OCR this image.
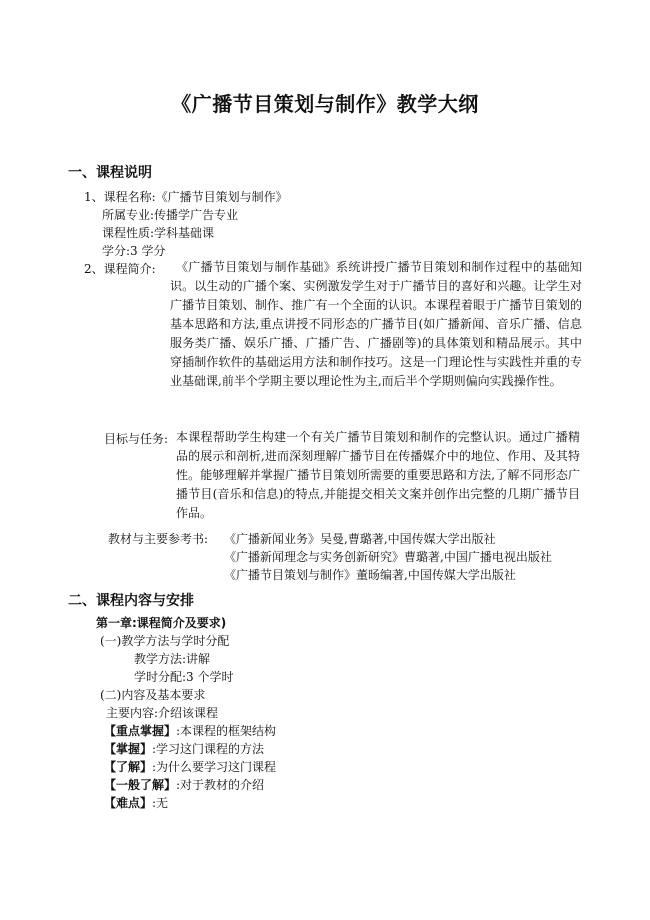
《广播节目策划与制作》教学大纲
一、课程说明
1、课程名称:《广播节目策划与制作》
所属专业:传播学广告专业
课程性质:学科基础课
学分:3 学分
2、课程简介:	《广播节目策划与制作基础》系统讲授广播节目策划和制作过程中的基础知识。以生动的广播个案、实例激发学生对于广播节目的喜好和兴趣。让学生对广播节目策划、制作、推广有一个全面的认识。本课程着眼于广播节目策划的基本思路和方法,重点讲授不同形态的广播节目(如广播新闻、音乐广播、信息服务类广播、娱乐广播、广播广告、广播剧等)的具体策划和精品展示。其中穿插制作软件的基础运用方法和制作技巧。这是一门理论性与实践性并重的专业基础课,前半个学期主要以理论性为主,而后半个学期则偏向实践操作性。
目标与任务: 本课程帮助学生构建一个有关广播节目策划和制作的完整认识。通过广播精品的展示和剖析,进而深刻理解广播节目在传播媒介中的地位、作用、及其特性。能够理解并掌握广播节目策划所需要的重要思路和方法,了解不同形态广播节目(音乐和信息)的特点,并能提交相关文案并创作出完整的几期广播节目作品。
教材与主要参考书: 《广播新闻业务》吴曼,曹璐著,中国传媒大学出版社
《广播新闻理念与实务创新研究》曹璐著,中国广播电视出版社
《广播节目策划与制作》董旸编著,中国传媒大学出版社
二、课程内容与安排
第一章:课程简介及要求)
(一)教学方法与学时分配
教学方法:讲解
学时分配:3 个学时
(二)内容及基本要求
主要内容:介绍该课程
【重点掌握】:本课程的框架结构
【掌握】:学习这门课程的方法
【了解】:为什么要学习这门课程
【一般了解】:对于教材的介绍
【难点】:无
